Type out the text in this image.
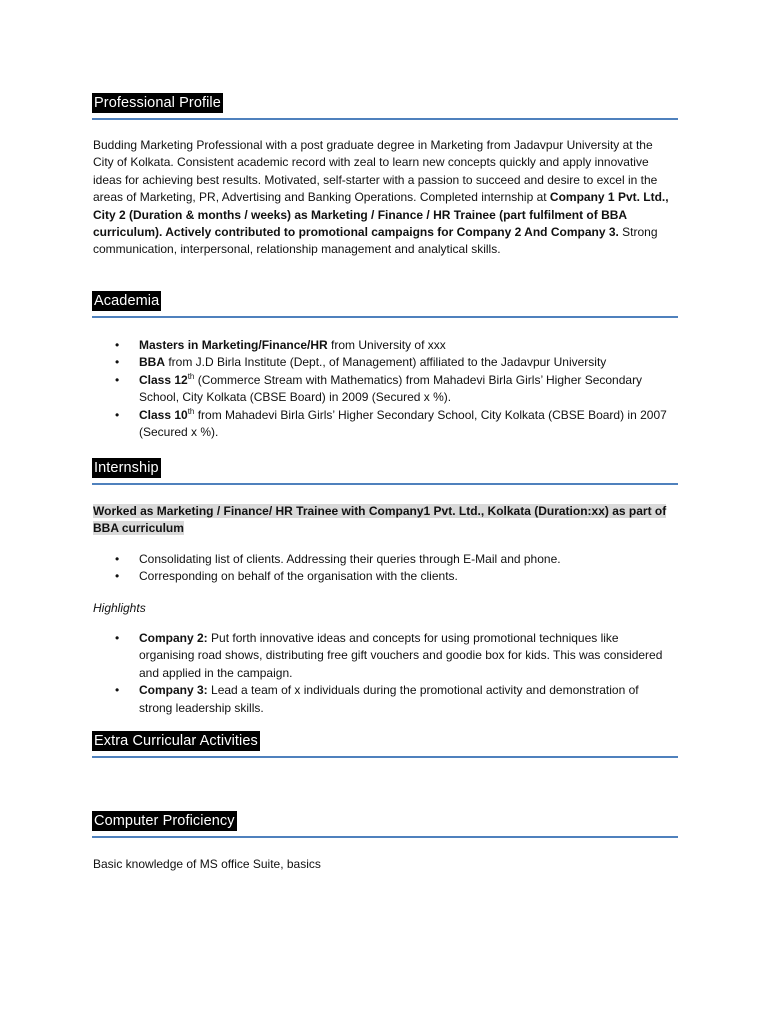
Professional Profile
Budding Marketing Professional with a post graduate degree in Marketing from Jadavpur University at the City of Kolkata. Consistent academic record with zeal to learn new concepts quickly and apply innovative ideas for achieving best results. Motivated, self-starter with a passion to succeed and desire to excel in the areas of Marketing, PR, Advertising and Banking Operations. Completed internship at Company 1 Pvt. Ltd., City 2 (Duration & months / weeks) as Marketing / Finance / HR Trainee (part fulfilment of BBA curriculum). Actively contributed to promotional campaigns for Company 2 And Company 3. Strong communication, interpersonal, relationship management and analytical skills.
Academia
• Masters in Marketing/Finance/HR from University of xxx
• BBA from J.D Birla Institute (Dept., of Management) affiliated to the Jadavpur University
• Class 12th (Commerce Stream with Mathematics) from Mahadevi Birla Girls’ Higher Secondary School, City Kolkata (CBSE Board) in 2009 (Secured x %).
• Class 10th from Mahadevi Birla Girls’ Higher Secondary School, City Kolkata (CBSE Board) in 2007 (Secured x %).
Internship
Worked as Marketing / Finance/ HR Trainee with Company1 Pvt. Ltd., Kolkata (Duration:xx) as part of BBA curriculum
• Consolidating list of clients. Addressing their queries through E-Mail and phone.
• Corresponding on behalf of the organisation with the clients.
Highlights
• Company 2: Put forth innovative ideas and concepts for using promotional techniques like organising road shows, distributing free gift vouchers and goodie box for kids. This was considered and applied in the campaign.
• Company 3: Lead a team of x individuals during the promotional activity and demonstration of strong leadership skills.
Extra Curricular Activities
Computer Proficiency
Basic knowledge of MS office Suite, basics
